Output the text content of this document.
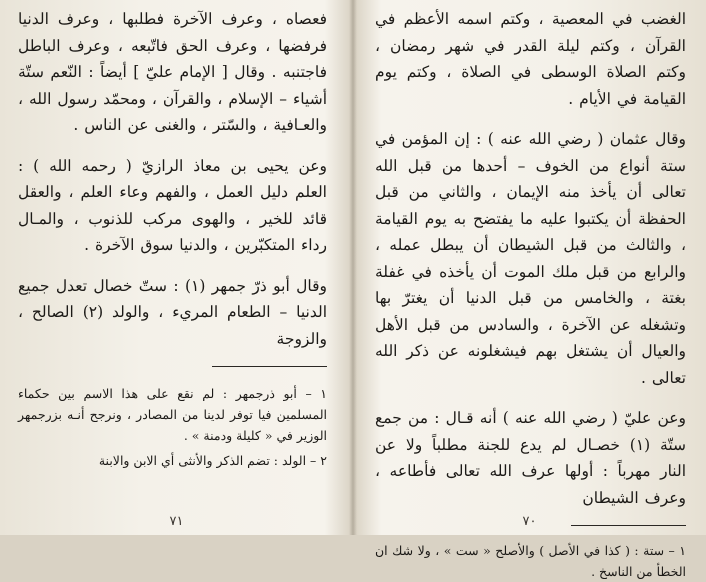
فعصاه ، وعرف الآخرة فطلبها ، وعرف الدنيا فرفضها ، وعرف الحق فاتّبعه ، وعرف الباطل فاجتنبه . وقال [ الإمام عليّ ] أيضاً : النّعم ستّة أشياء – الإسلام ، والقرآن ، ومحمّد رسول الله ، والعـافية ، والسّتر ، والغنى عن الناس .

وعن يحيى بن معاذ الرازيّ ( رحمه الله ) : العلم دليل العمل ، والفهم وعاء العلم ، والعقل قائد للخير ، والهوى مركب للذنوب ، والمـال رداء المتكبّرين ، والدنيا سوق الآخرة .

وقال أبو ذرّ جمهر (١) : ستّ خصال تعدل جميع الدنيا – الطعام المريء ، والولد (٢) الصالح ، والزوجة

١ – أبو ذرجمهر : لم نقع على هذا الاسم بين حكماء المسلمين فيا توفر لدينا من المصادر ، ونرجح أنـه بزرجمهر الوزير في « كليلة ودمنة » .

٢ – الولد : تضم الذكر والأنثى أي الابن والابنة

٧١

الغضب في المعصية ، وكتم اسمه الأعظم في القرآن ، وكتم ليلة القدر في شهر رمضان ، وكتم الصلاة الوسطى في الصلاة ، وكتم يوم القيامة في الأيام .

وقال عثمان ( رضي الله عنه ) : إن المؤمن في ستة أنواع من الخوف – أحدها من قبل الله تعالى أن يأخذ منه الإيمان ، والثاني من قبل الحفظة أن يكتبوا عليه ما يفتضح به يوم القيامة ، والثالث من قبل الشيطان أن يبطل عمله ، والرابع من قبل ملك الموت أن يأخذه في غفلة بغتة ، والخامس من قبل الدنيا أن يغترّ بها وتشغله عن الآخرة ، والسادس من قبل الأهل والعيال أن يشتغل بهم فيشغلونه عن ذكر الله تعالى .

وعن عليّ ( رضي الله عنه ) أنه قـال : من جمع ستّة (١) خصـال لم يدع للجنة مطلباً ولا عن النار مهرباً : أولها عرف الله تعالى فأطاعه ، وعرف الشيطان

١ – ستة : ( كذا في الأصل ) والأصلح « ست » ، ولا شك ان الخطأ من الناسخ .

٧٠
